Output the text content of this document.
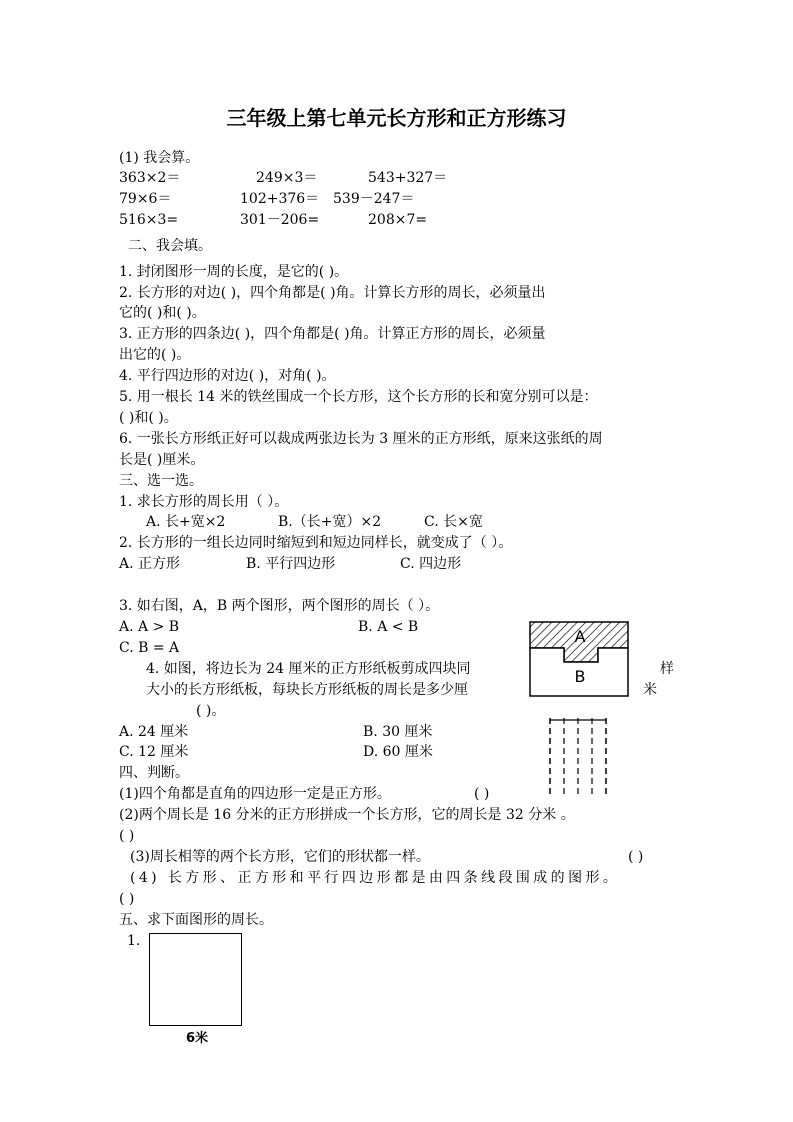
三年级上第七单元长方形和正方形练习
(1) 我会算。
363×2＝	249×3＝	543+327＝
79×6＝	102+376＝ 539－247＝
516×3=	301－206=	208×7=
二、我会填。
1. 封闭图形一周的长度，是它的( )。
2. 长方形的对边( )，四个角都是( )角。计算长方形的周长，必须量出
它的( )和( )。
3. 正方形的四条边( )，四个角都是( )角。计算正方形的周长，必须量
出它的( )。
4. 平行四边形的对边( )，对角( )。
5. 用一根长 14 米的铁丝围成一个长方形，这个长方形的长和宽分别可以是：
( )和( )。
6. 一张长方形纸正好可以裁成两张边长为 3 厘米的正方形纸，原来这张纸的周
长是( )厘米。
三、选一选。
1. 求长方形的周长用（ ）。
A. 长+宽×2	B.（长+宽）×2	C. 长×宽
2. 长方形的一组长边同时缩短到和短边同样长，就变成了（ ）。
A. 正方形	B. 平行四边形	C. 四边形
3. 如右图，A，B 两个图形，两个图形的周长（ ）。
A. A > B	B. A < B
C. B = A
A
B
4. 如图，将边长为 24 厘米的正方形纸板剪成四块同	样
大小的长方形纸板，每块长方形纸板的周长是多少厘	米
( )。
A. 24 厘米	B. 30 厘米
C. 12 厘米	D. 60 厘米
四、判断。
(1)四个角都是直角的四边形一定是正方形。	( )
(2)两个周长是 16 分米的正方形拼成一个长方形，它的周长是 32 分米 。
( )
(3)周长相等的两个长方形，它们的形状都一样。	( )
(4) 长方形、正方形和平行四边形都是由四条线段围成的图形。
( )
五、求下面图形的周长。
1.
6米
